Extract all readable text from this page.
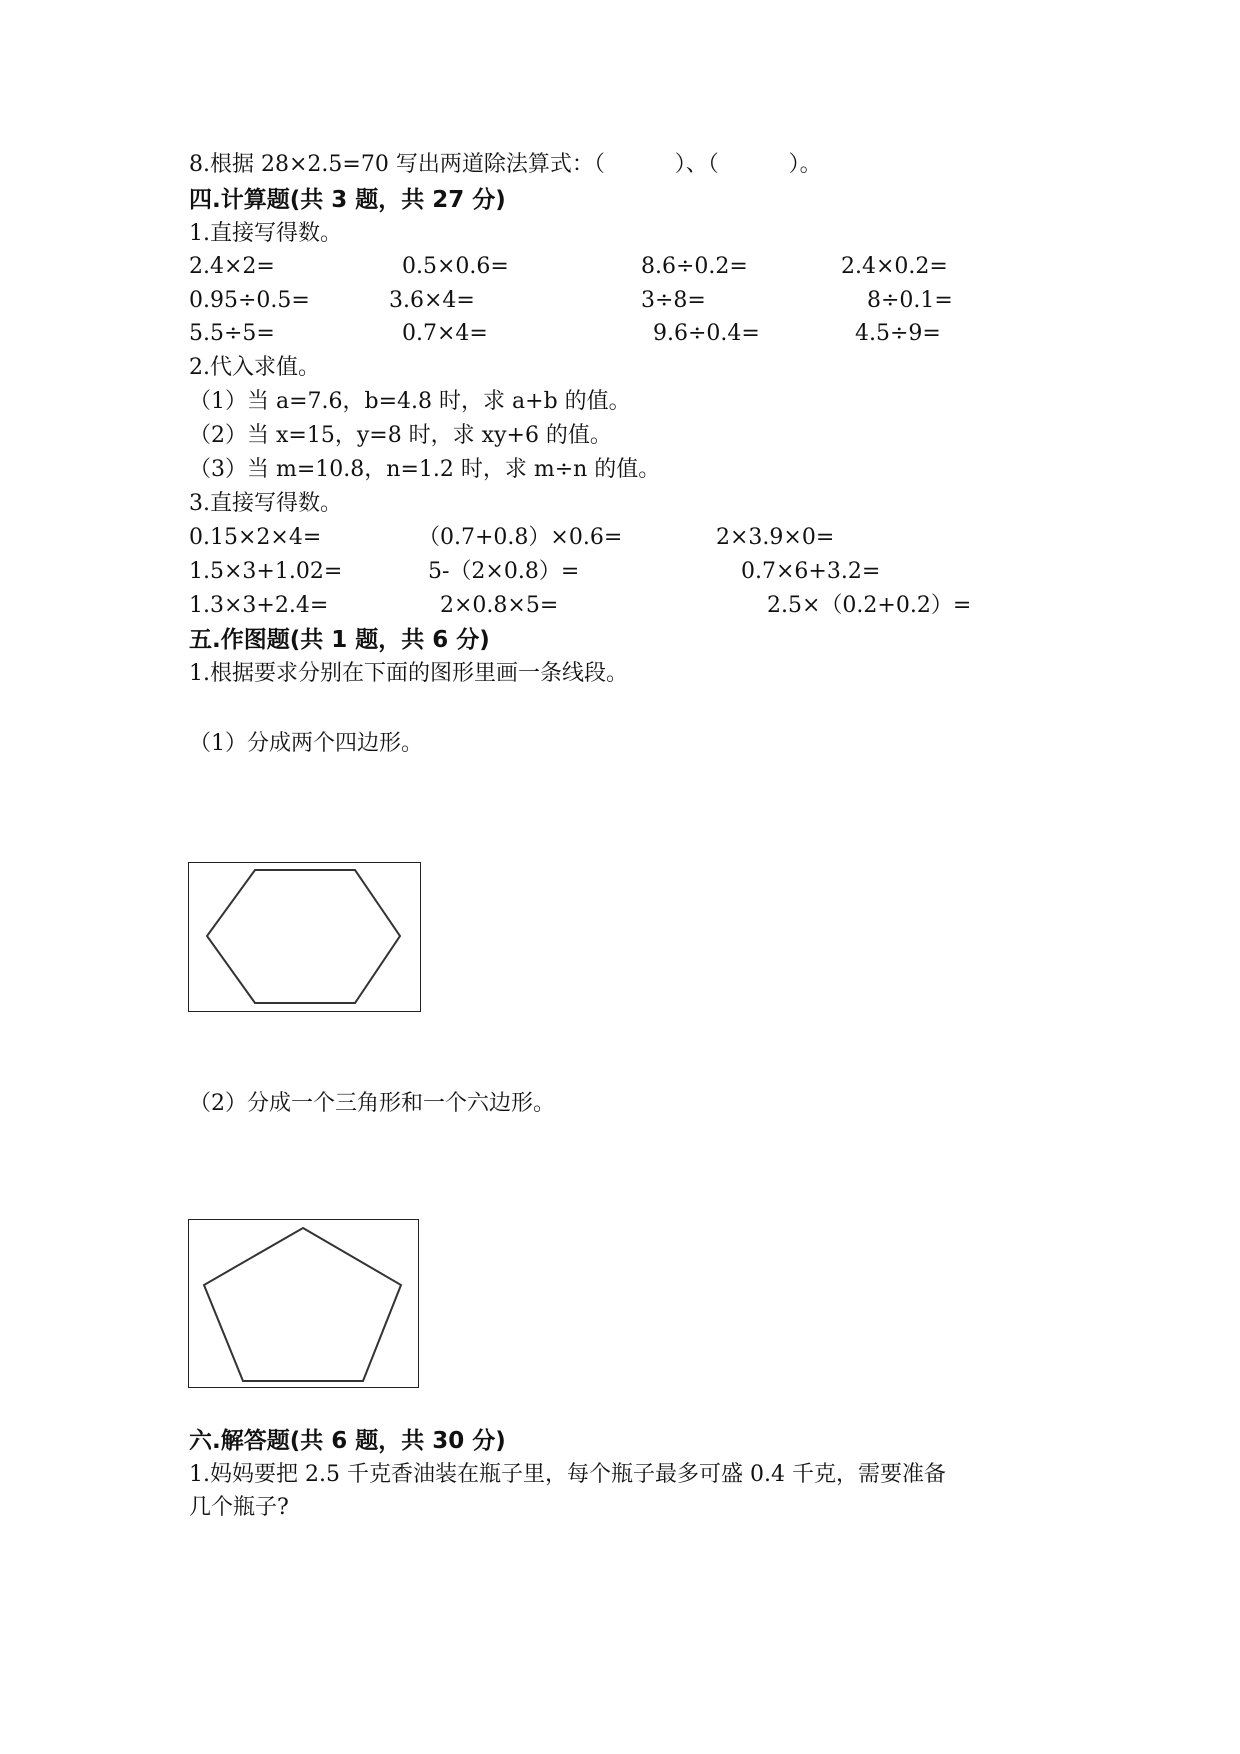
8.根据 28×2.5=70 写出两道除法算式：（          ）、（          ）。
四.计算题(共 3 题，共 27 分)
1.直接写得数。
2.4×2=	0.5×0.6=	8.6÷0.2=	2.4×0.2=
0.95÷0.5=	3.6×4=	3÷8=	8÷0.1=
5.5÷5=	0.7×4=	9.6÷0.4=	4.5÷9=
2.代入求值。
（1）当 a=7.6，b=4.8 时，求 a+b 的值。
（2）当 x=15，y=8 时，求 xy+6 的值。
（3）当 m=10.8，n=1.2 时，求 m÷n 的值。
3.直接写得数。
0.15×2×4=	（0.7+0.8）×0.6=	2×3.9×0=
1.5×3+1.02=	5-（2×0.8）=	0.7×6+3.2=
1.3×3+2.4=	2×0.8×5=	2.5×（0.2+0.2）=
五.作图题(共 1 题，共 6 分)
1.根据要求分别在下面的图形里画一条线段。
（1）分成两个四边形。
（2）分成一个三角形和一个六边形。
六.解答题(共 6 题，共 30 分)
1.妈妈要把 2.5 千克香油装在瓶子里，每个瓶子最多可盛 0.4 千克，需要准备
几个瓶子?
